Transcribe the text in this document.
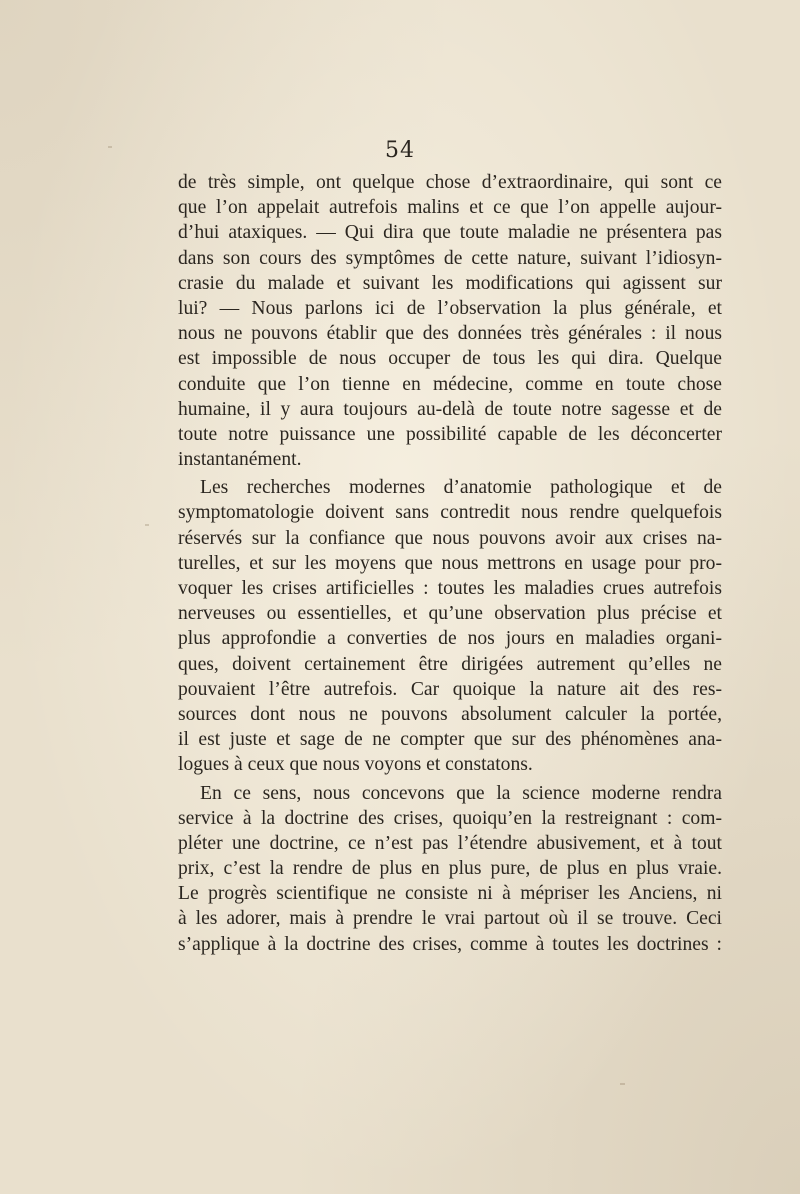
54
de très simple, ont quelque chose d’extraordinaire, qui sont ce
que l’on appelait autrefois malins et ce que l’on appelle aujour-
d’hui ataxiques. — Qui dira que toute maladie ne présentera pas
dans son cours des symptômes de cette nature, suivant l’idiosyn-
crasie du malade et suivant les modifications qui agissent sur
lui? — Nous parlons ici de l’observation la plus générale, et
nous ne pouvons établir que des données très générales : il nous
est impossible de nous occuper de tous les qui dira. Quelque
conduite que l’on tienne en médecine, comme en toute chose
humaine, il y aura toujours au-delà de toute notre sagesse et de
toute notre puissance une possibilité capable de les déconcerter
instantanément.
Les recherches modernes d’anatomie pathologique et de
symptomatologie doivent sans contredit nous rendre quelquefois
réservés sur la confiance que nous pouvons avoir aux crises na-
turelles, et sur les moyens que nous mettrons en usage pour pro-
voquer les crises artificielles : toutes les maladies crues autrefois
nerveuses ou essentielles, et qu’une observation plus précise et
plus approfondie a converties de nos jours en maladies organi-
ques, doivent certainement être dirigées autrement qu’elles ne
pouvaient l’être autrefois. Car quoique la nature ait des res-
sources dont nous ne pouvons absolument calculer la portée,
il est juste et sage de ne compter que sur des phénomènes ana-
logues à ceux que nous voyons et constatons.
En ce sens, nous concevons que la science moderne rendra
service à la doctrine des crises, quoiqu’en la restreignant : com-
pléter une doctrine, ce n’est pas l’étendre abusivement, et à tout
prix, c’est la rendre de plus en plus pure, de plus en plus vraie.
Le progrès scientifique ne consiste ni à mépriser les Anciens, ni
à les adorer, mais à prendre le vrai partout où il se trouve. Ceci
s’applique à la doctrine des crises, comme à toutes les doctrines :
